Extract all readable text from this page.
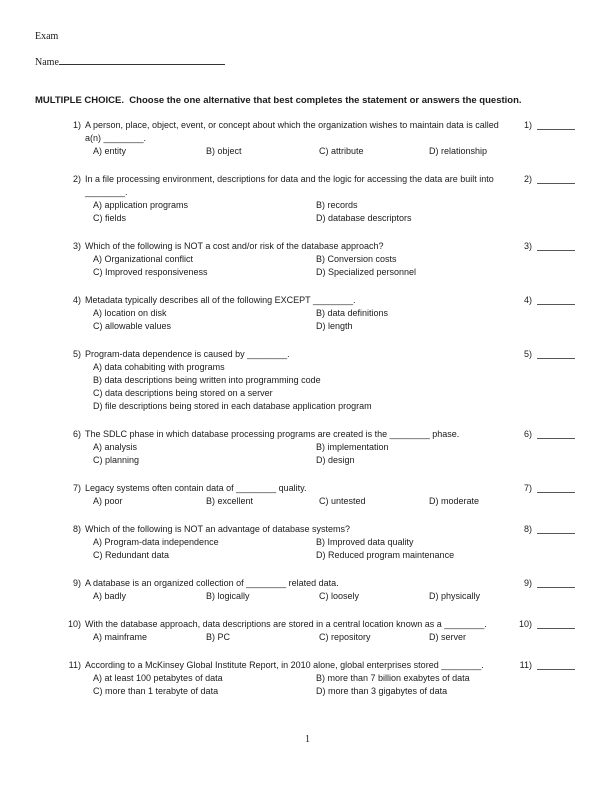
Exam
Name
MULTIPLE CHOICE.  Choose the one alternative that best completes the statement or answers the question.
1) A person, place, object, event, or concept about which the organization wishes to maintain data is called a(n) ________.
A) entity	B) object	C) attribute	D) relationship
1)
2) In a file processing environment, descriptions for data and the logic for accessing the data are built into ________.
A) application programs	B) records
C) fields	D) database descriptors
2)
3) Which of the following is NOT a cost and/or risk of the database approach?
A) Organizational conflict	B) Conversion costs
C) Improved responsiveness	D) Specialized personnel
3)
4) Metadata typically describes all of the following EXCEPT ________.
A) location on disk	B) data definitions
C) allowable values	D) length
4)
5) Program-data dependence is caused by ________.
A) data cohabiting with programs
B) data descriptions being written into programming code
C) data descriptions being stored on a server
D) file descriptions being stored in each database application program
5)
6) The SDLC phase in which database processing programs are created is the ________ phase.
A) analysis	B) implementation
C) planning	D) design
6)
7) Legacy systems often contain data of ________ quality.
A) poor	B) excellent	C) untested	D) moderate
7)
8) Which of the following is NOT an advantage of database systems?
A) Program-data independence	B) Improved data quality
C) Redundant data	D) Reduced program maintenance
8)
9) A database is an organized collection of ________ related data.
A) badly	B) logically	C) loosely	D) physically
9)
10) With the database approach, data descriptions are stored in a central location known as a ________.
A) mainframe	B) PC	C) repository	D) server
10)
11) According to a McKinsey Global Institute Report, in 2010 alone, global enterprises stored ________.
A) at least 100 petabytes of data	B) more than 7 billion exabytes of data
C) more than 1 terabyte of data	D) more than 3 gigabytes of data
11)
1
